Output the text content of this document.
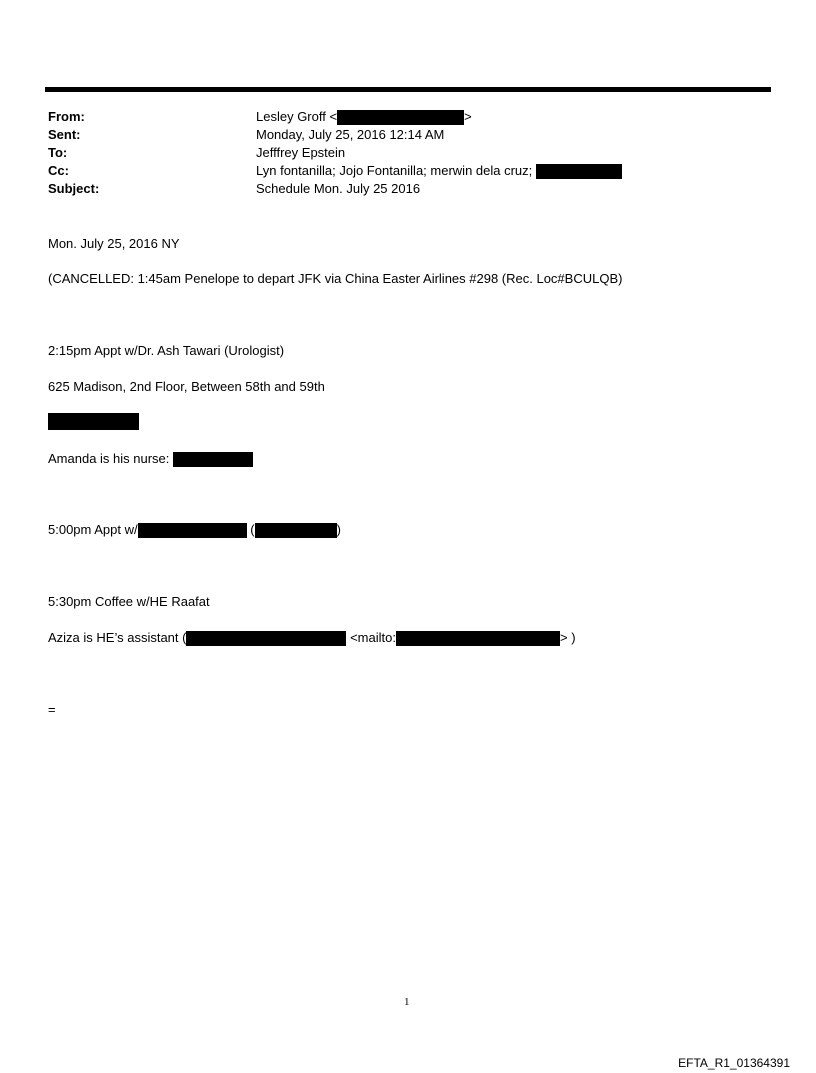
From:	Lesley Groff <	>
Sent:	Monday, July 25, 2016 12:14 AM
To:	Jefffrey Epstein
Cc:	Lyn fontanilla; Jojo Fontanilla; merwin dela cruz;
Subject:	Schedule Mon. July 25 2016
Mon. July 25, 2016 NY
(CANCELLED: 1:45am Penelope to depart JFK via China Easter Airlines #298 (Rec. Loc#BCULQB)
2:15pm Appt w/Dr. Ash Tawari (Urologist)
625 Madison, 2nd Floor, Between 58th and 59th
Amanda is his nurse:
5:00pm Appt w/	(	)
5:30pm Coffee w/HE Raafat
Aziza is HE’s assistant (	<mailto:	> )
=
1
EFTA_R1_01364391
